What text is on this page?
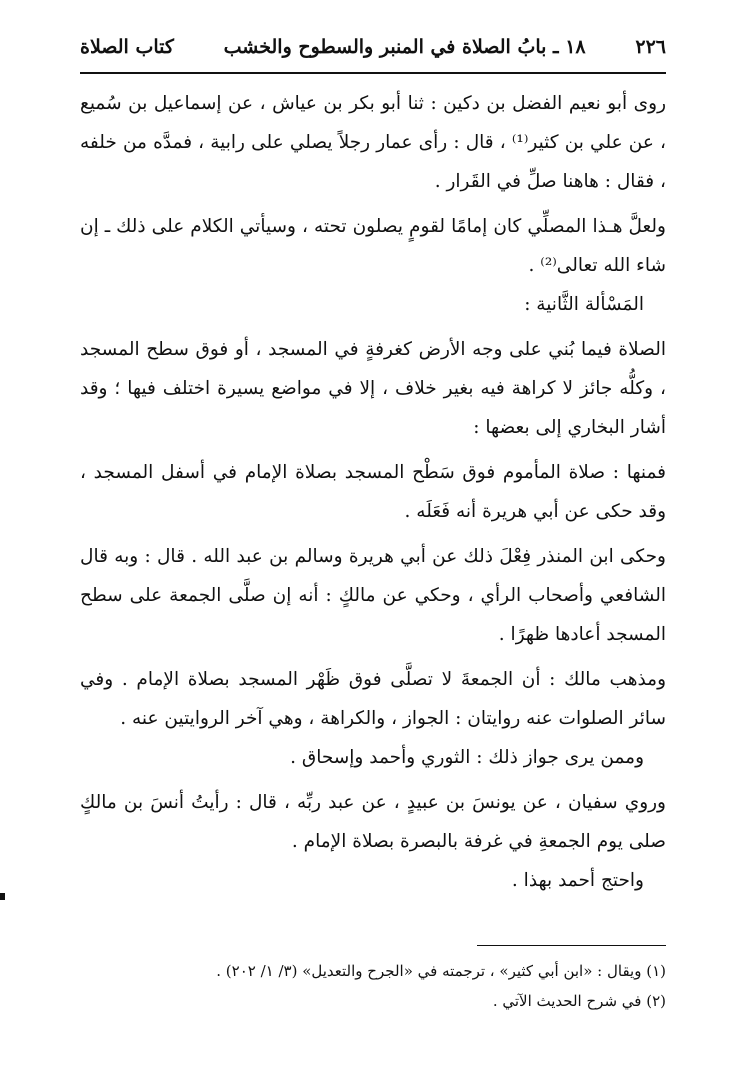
٢٢٦
١٨ ـ بابُ الصلاة في المنبر والسطوح والخشب
كتاب الصلاة

روى أبو نعيم الفضل بن دكين : ثنا أبو بكر بن عياش ، عن إسماعيل بن سُميع ، عن علي بن كثير⁽¹⁾ ، قال : رأى عمار رجلاً يصلي على رابية ، فمدَّه من خلفه ، فقال : هاهنا صلِّ في القَرار .

ولعلَّ هـذا المصلِّي كان إمامًا لقومٍ يصلون تحته ، وسيأتي الكلام على ذلك ـ إن شاء الله تعالى⁽²⁾ .

المَسْألة الثَّانية :

الصلاة فيما بُني على وجه الأرض كغرفةٍ في المسجد ، أو فوق سطح المسجد ، وكلُّه جائز لا كراهة فيه بغير خلاف ، إلا في مواضع يسيرة اختلف فيها ؛ وقد أشار البخاري إلى بعضها :

فمنها : صلاة المأموم فوق سَطْح المسجد بصلاة الإمام في أسفل المسجد ، وقد حكى عن أبي هريرة أنه فَعَلَه .

وحكى ابن المنذر فِعْلَ ذلك عن أبي هريرة وسالم بن عبد الله . قال : وبه قال الشافعي وأصحاب الرأي ، وحكي عن مالكٍ : أنه إن صلَّى الجمعة على سطح المسجد أعادها ظهرًا .

ومذهب مالك : أن الجمعةَ لا تصلَّى فوق ظَهْر المسجد بصلاة الإمام . وفي سائر الصلوات عنه روايتان : الجواز ، والكراهة ، وهي آخر الروايتين عنه .

وممن يرى جواز ذلك : الثوري وأحمد وإسحاق .

وروي سفيان ، عن يونسَ بن عبيدٍ ، عن عبد ربِّه ، قال : رأيتُ أنسَ بن مالكٍ صلى يوم الجمعةِ في غرفة بالبصرة بصلاة الإمام .

واحتج أحمد بهذا .

(١) ويقال : «ابن أبي كثير» ، ترجمته في «الجرح والتعديل» (٣/ ١/ ٢٠٢) .

(٢) في شرح الحديث الآتي .
